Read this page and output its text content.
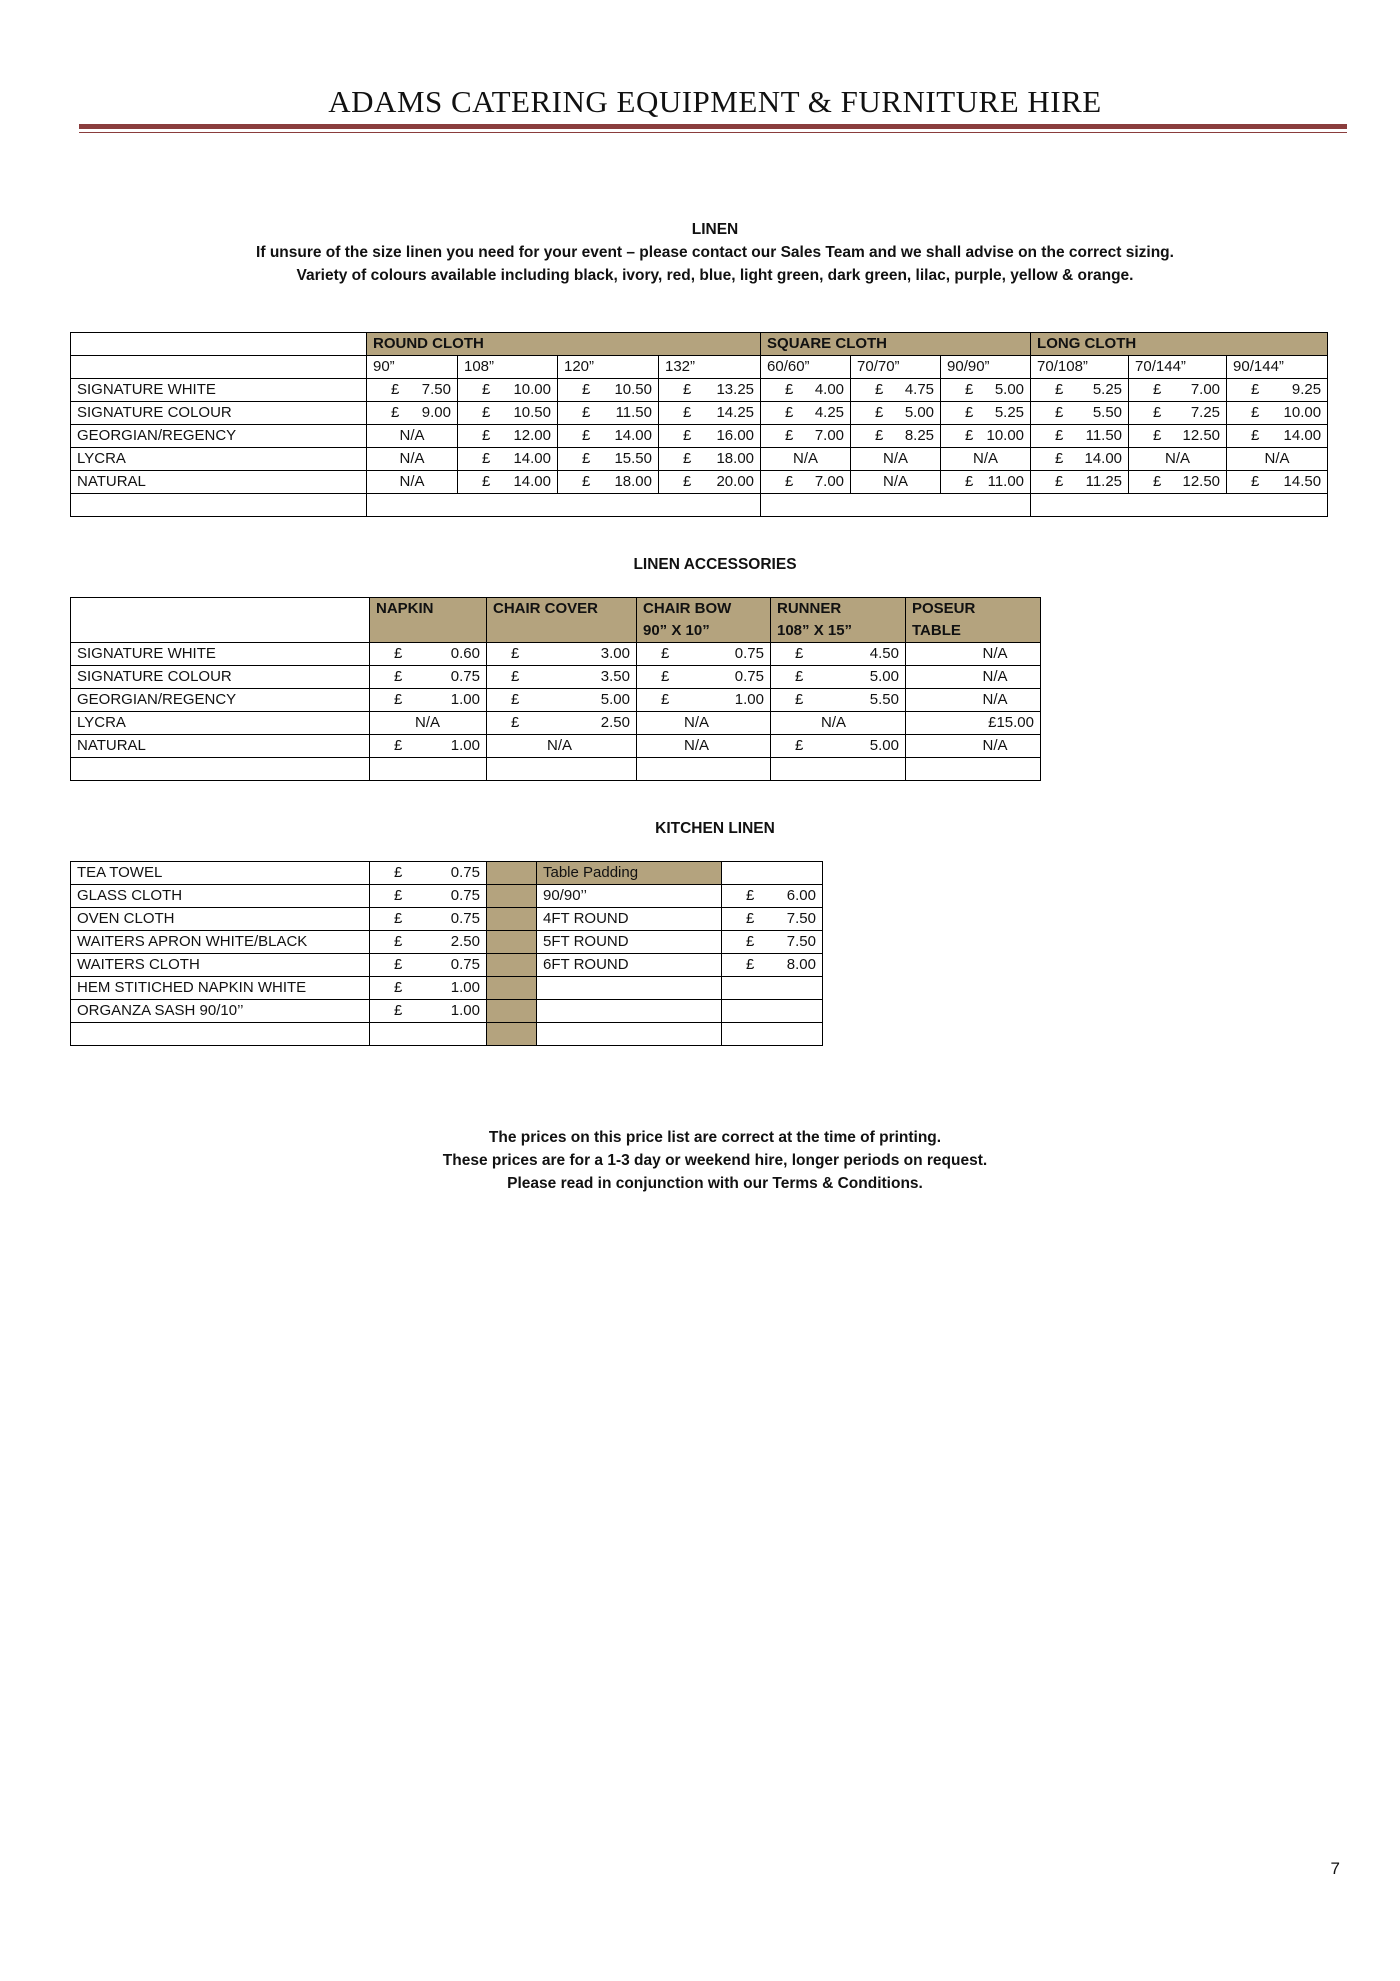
ADAMS CATERING EQUIPMENT & FURNITURE HIRE
LINEN
If unsure of the size linen you need for your event – please contact our Sales Team and we shall advise on the correct sizing.
Variety of colours available including black, ivory, red, blue, light green, dark green, lilac, purple, yellow & orange.
	ROUND CLOTH				SQUARE CLOTH			LONG CLOTH		
	90”	108”	120”	132”	60/60”	70/70”	90/90”	70/108”	70/144”	90/144”
SIGNATURE WHITE	£ 7.50	£ 10.00	£ 10.50	£ 13.25	£ 4.00	£ 4.75	£ 5.00	£ 5.25	£ 7.00	£ 9.25

SIGNATURE COLOUR	£ 9.00	£ 10.50	£ 11.50	£ 14.25	£ 4.25	£ 5.00	£ 5.25	£ 5.50	£ 7.25	£ 10.00

GEORGIAN/REGENCY	N/A	£ 12.00	£ 14.00	£ 16.00	£ 7.00	£ 8.25	£ 10.00	£ 11.50	£ 12.50	£ 14.00

LYCRA	N/A	£ 14.00	£ 15.50	£ 18.00	N/A	N/A	N/A	£ 14.00	N/A	N/A
NATURAL	N/A	£ 14.00	£ 18.00	£ 20.00	£ 7.00	N/A	£ 11.00	£ 11.25	£ 12.50	£ 14.50

LINEN ACCESSORIES
	NAPKIN	CHAIR COVER	CHAIR BOW	RUNNER	POSEUR
			90” X 10”	108” X 15”	TABLE
SIGNATURE WHITE	£ 0.60	£ 3.00	£ 0.75	£ 4.50	N/A
SIGNATURE COLOUR	£ 0.75	£ 3.50	£ 0.75	£ 5.00	N/A
GEORGIAN/REGENCY	£ 1.00	£ 5.00	£ 1.00	£ 5.50	N/A
LYCRA	N/A	£ 2.50	N/A	N/A	£15.00
NATURAL	£ 1.00	N/A	N/A	£ 5.00	N/A

KITCHEN LINEN
TEA TOWEL	£ 0.75		Table Padding	
GLASS CLOTH	£ 0.75		90/90’’	£ 6.00

OVEN CLOTH	£ 0.75		4FT ROUND	£ 7.50

WAITERS APRON WHITE/BLACK	£ 2.50		5FT ROUND	£ 7.50

WAITERS CLOTH	£ 0.75		6FT ROUND	£ 8.00

HEM STITICHED NAPKIN WHITE	£ 1.00			

ORGANZA SASH 90/10’’	£ 1.00			

The prices on this price list are correct at the time of printing.
These prices are for a 1-3 day or weekend hire, longer periods on request.
Please read in conjunction with our Terms & Conditions.
7
